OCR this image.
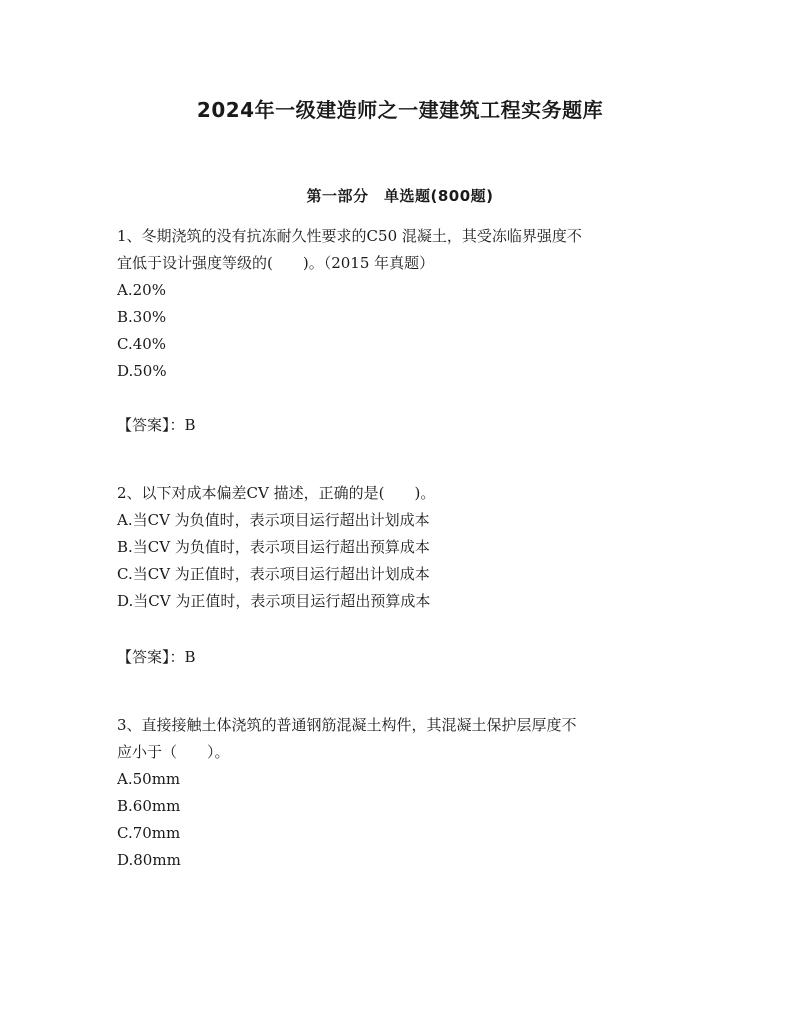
2024年一级建造师之一建建筑工程实务题库
第一部分　单选题(800题)

1、冬期浇筑的没有抗冻耐久性要求的C50 混凝土，其受冻临界强度不

宜低于设计强度等级的(　　)。（2015 年真题）

A.20%
B.30%
C.40%
D.50%
【答案】：B

2、以下对成本偏差CV 描述，正确的是(　　)。

A.当CV 为负值时，表示项目运行超出计划成本
B.当CV 为负值时，表示项目运行超出预算成本
C.当CV 为正值时，表示项目运行超出计划成本
D.当CV 为正值时，表示项目运行超出预算成本
【答案】：B

3、直接接触土体浇筑的普通钢筋混凝土构件，其混凝土保护层厚度不

应小于（　　）。

A.50mm
B.60mm
C.70mm
D.80mm
